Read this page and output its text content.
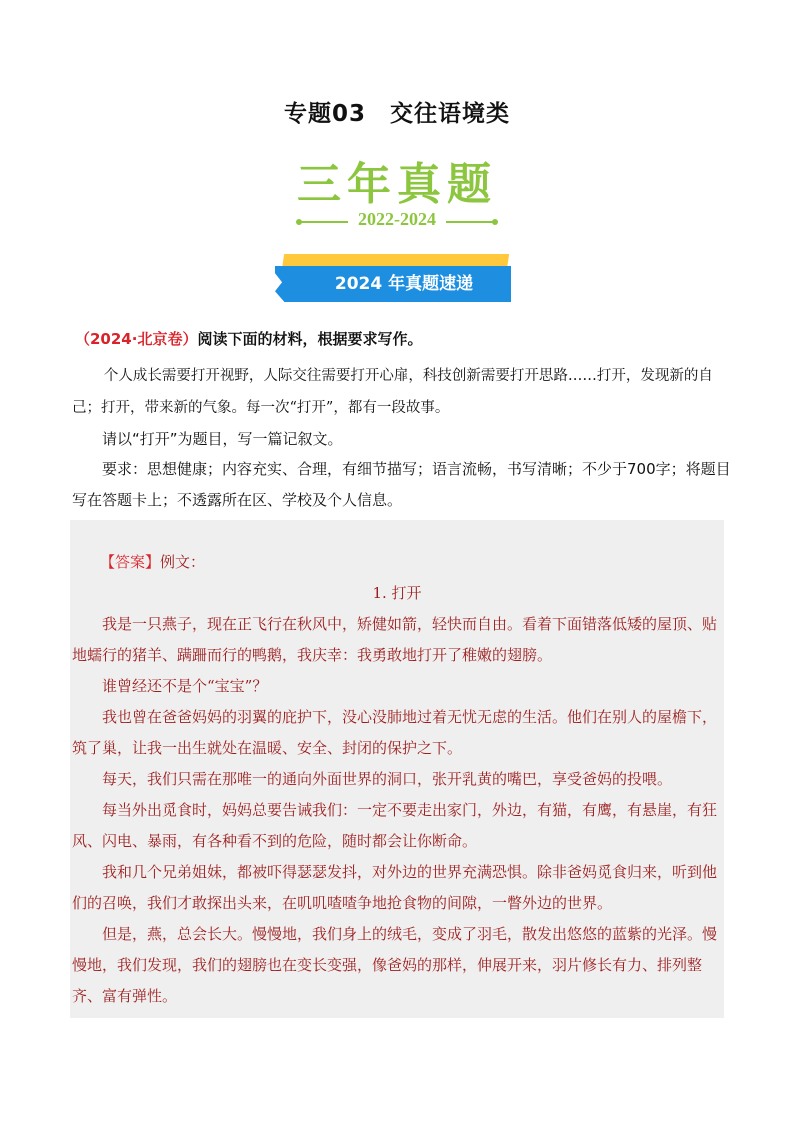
专题03　交往语境类
三年真题
2022-2024
2024 年真题速递
（2024·北京卷）阅读下面的材料，根据要求写作。
个人成长需要打开视野，人际交往需要打开心扉，科技创新需要打开思路……打开，发现新的自己；打开，带来新的气象。每一次“打开”，都有一段故事。
请以“打开”为题目，写一篇记叙文。
要求：思想健康；内容充实、合理，有细节描写；语言流畅，书写清晰；不少于700字；将题目写在答题卡上；不透露所在区、学校及个人信息。
【答案】例文：
1. 打开
我是一只燕子，现在正飞行在秋风中，矫健如箭，轻快而自由。看着下面错落低矮的屋顶、贴地蠕行的猪羊、蹒跚而行的鸭鹅，我庆幸：我勇敢地打开了稚嫩的翅膀。
谁曾经还不是个“宝宝”？
我也曾在爸爸妈妈的羽翼的庇护下，没心没肺地过着无忧无虑的生活。他们在别人的屋檐下，筑了巢，让我一出生就处在温暖、安全、封闭的保护之下。
每天，我们只需在那唯一的通向外面世界的洞口，张开乳黄的嘴巴，享受爸妈的投喂。
每当外出觅食时，妈妈总要告诫我们：一定不要走出家门，外边，有猫，有鹰，有悬崖，有狂风、闪电、暴雨，有各种看不到的危险，随时都会让你断命。
我和几个兄弟姐妹，都被吓得瑟瑟发抖，对外边的世界充满恐惧。除非爸妈觅食归来，听到他们的召唤，我们才敢探出头来，在叽叽喳喳争地抢食物的间隙，一瞥外边的世界。
但是，燕，总会长大。慢慢地，我们身上的绒毛，变成了羽毛，散发出悠悠的蓝紫的光泽。慢慢地，我们发现，我们的翅膀也在变长变强，像爸妈的那样，伸展开来，羽片修长有力、排列整齐、富有弹性。
